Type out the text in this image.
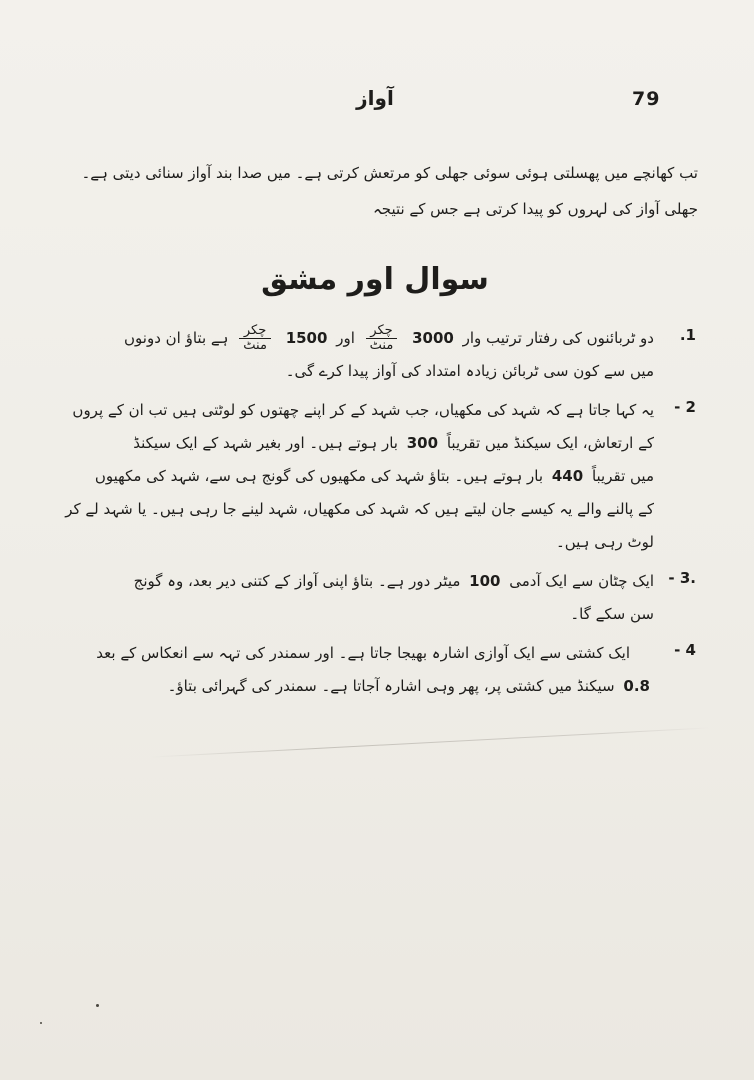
79
آواز
تب کھانچے میں پھسلتی ہوئی سوئی جھلی کو مرتعش کرتی ہے۔ میں صدا بند آواز سنائی دیتی ہے۔
جھلی آواز کی لہروں کو پیدا کرتی ہے جس کے نتیجہ
سوال اور مشق
.1
دو ٹربائنوں کی رفتار ترتیب وار 3000
$\frac{\text{چکر}}{\text{منٹ}}$
اور 1500
$\frac{\text{چکر}}{\text{منٹ}}$
ہے بتاؤ ان دونوں
میں سے کون سی ٹربائن زیادہ امتداد کی آواز پیدا کرے گی۔
- 2
یہ کہا جاتا ہے کہ شہد کی مکھیاں، جب شہد کے کر اپنے چھتوں کو لوٹتی ہیں تب ان کے پروں
کے ارتعاش، ایک سیکنڈ میں تقریباً 300 بار ہوتے ہیں۔ اور بغیر شہد کے ایک سیکنڈ
میں تقریباً 440 بار ہوتے ہیں۔ بتاؤ شہد کی مکھیوں کی گونج ہی سے، شہد کی مکھیوں
کے پالنے والے یہ کیسے جان لیتے ہیں کہ شہد کی مکھیاں، شہد لینے جا رہی ہیں۔ یا شہد لے کر
لوٹ رہی ہیں۔
- 3.
ایک چٹان سے ایک آدمی 100 میٹر دور ہے۔ بتاؤ اپنی آواز کے کتنی دیر بعد، وہ گونج
سن سکے گا۔
- 4
ایک کشتی سے ایک آوازی اشارہ بھیجا جاتا ہے۔ اور سمندر کی تہہ سے انعکاس کے بعد
0.8 سیکنڈ میں کشتی پر، پھر وہی اشارہ آجاتا ہے۔ سمندر کی گہرائی بتاؤ۔
